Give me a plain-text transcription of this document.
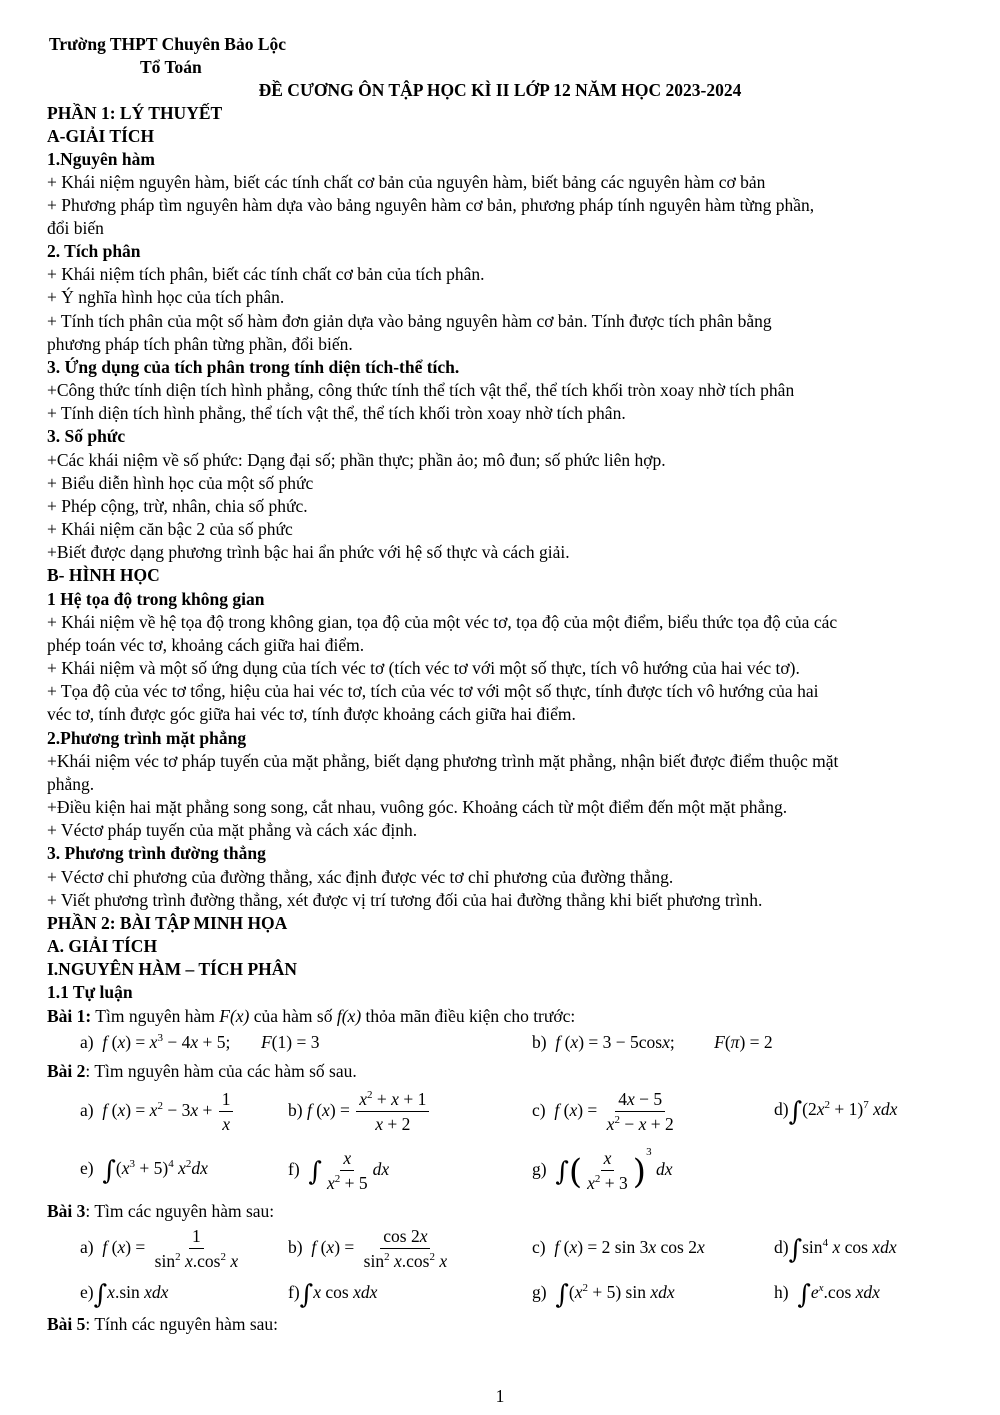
Trường THPT Chuyên Bảo Lộc
Tổ Toán
ĐỀ CƯƠNG ÔN TẬP HỌC KÌ II LỚP 12 NĂM HỌC 2023-2024
PHẦN 1: LÝ THUYẾT
A-GIẢI TÍCH
1.Nguyên hàm
+ Khái niệm nguyên hàm, biết các tính chất cơ bản của nguyên hàm, biết bảng các nguyên hàm cơ bản
+ Phương pháp tìm nguyên hàm dựa vào bảng nguyên hàm cơ bản, phương pháp tính nguyên hàm từng phần,
đổi biến
2. Tích phân
+ Khái niệm tích phân, biết các tính chất cơ bản của tích phân.
+ Ý nghĩa hình học của tích phân.
+ Tính tích phân của một số hàm đơn giản dựa vào bảng nguyên hàm cơ bản. Tính được tích phân bằng
phương pháp tích phân từng phần, đổi biến.
3. Ứng dụng của tích phân trong tính diện tích-thể tích.
+Công thức tính diện tích hình phẳng, công thức tính thể tích vật thể, thể tích khối tròn xoay nhờ tích phân
+ Tính diện tích hình phẳng, thể tích vật thể, thể tích khối tròn xoay nhờ tích phân.
3. Số phức
+Các khái niệm về số phức: Dạng đại số; phần thực; phần ảo; mô đun; số phức liên hợp.
+ Biểu diễn hình học của một số phức
+ Phép cộng, trừ, nhân, chia số phức.
+ Khái niệm căn bậc 2 của số phức
+Biết được dạng phương trình bậc hai ẩn phức với hệ số thực và cách giải.
B- HÌNH HỌC
1 Hệ tọa độ trong không gian
+ Khái niệm về hệ tọa độ trong không gian, tọa độ của một véc tơ, tọa độ của một điểm, biểu thức tọa độ của các
phép toán véc tơ, khoảng cách giữa hai điểm.
+ Khái niệm và một số ứng dụng của tích véc tơ (tích véc tơ với một số thực, tích vô hướng của hai véc tơ).
+ Tọa độ của véc tơ tổng, hiệu của hai véc tơ, tích của véc tơ với một số thực, tính được tích vô hướng của hai
véc tơ, tính được góc giữa hai véc tơ, tính được khoảng cách giữa hai điểm.
2.Phương trình mặt phẳng
+Khái niệm véc tơ pháp tuyến của mặt phẳng, biết dạng phương trình mặt phẳng, nhận biết được điểm thuộc mặt
phẳng.
+Điều kiện hai mặt phẳng song song, cắt nhau, vuông góc. Khoảng cách từ một điểm đến một mặt phẳng.
+ Véctơ pháp tuyến của mặt phẳng và cách xác định.
3. Phương trình đường thẳng
+ Véctơ chỉ phương của đường thẳng, xác định được véc tơ chỉ phương của đường thẳng.
+ Viết phương trình đường thẳng, xét được vị trí tương đối của hai đường thẳng khi biết phương trình.
PHẦN 2: BÀI TẬP MINH HỌA
A. GIẢI TÍCH
I.NGUYÊN HÀM – TÍCH PHÂN
1.1 Tự luận
Bài 1: Tìm nguyên hàm F(x) của hàm số f(x) thỏa mãn điều kiện cho trước:
a)  f $(x) = x^3 - 4x + 5$;       F(1) = 3	b)  f (x) = 3 − 5cosx;         F(π) = 2
Bài 2: Tìm nguyên hàm của các hàm số sau.
a)  f $(x) = x^2 - 3x + \frac{1}{x}$	b) f $(x) = \frac{x^2 + x + 1}{x + 2}$	c)  f $(x) = \frac{4x - 5}{x^2 - x + 2}$	$d)\int(2x^2 + 1)^7$ xdx
e)  $\int(x^3 + 5)^4$ $x^2dx$	f)  ∫ $\frac{x}{x^2 + 5}$ dx	g)  ∫( $\frac{x}{x^2 + 3} )^3$ dx
Bài 3: Tìm các nguyên hàm sau:
a)  f $(x) = \frac{1}{\sin^2 x.\cos^2 x}$	b)  f $(x) = \frac{\cos 2x}{\sin^2 x.\cos^2 x}$	c)  f (x) = 2 sin 3x cos 2x	$d)\int\sin^4$ x cos xdx
e)∫x.sin xdx	f)∫x cos xdx	g)  $\int(x^2 + 5)$ sin xdx	h)  $\int e^x.\cos$ xdx
Bài 5: Tính các nguyên hàm sau:
1
